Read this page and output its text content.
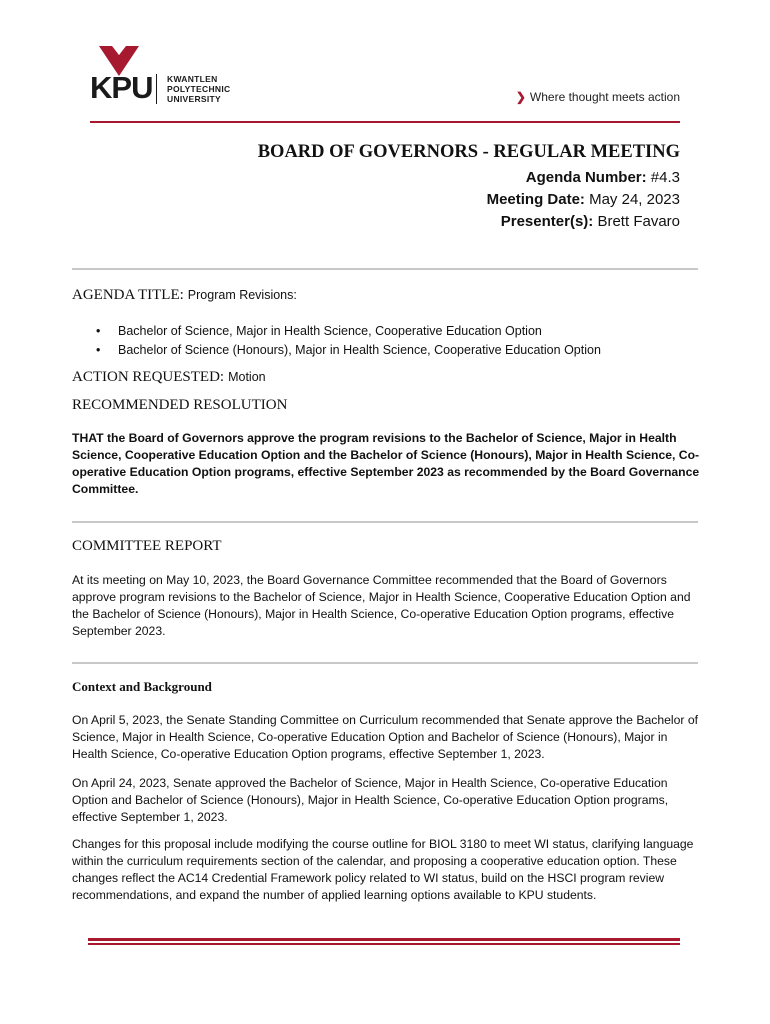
KPU KWANTLEN
POLYTECHNIC
UNIVERSITY	❯ Where thought meets action
BOARD OF GOVERNORS - REGULAR MEETING
Agenda Number: #4.3
Meeting Date: May 24, 2023
Presenter(s): Brett Favaro
AGENDA TITLE: Program Revisions:
• Bachelor of Science, Major in Health Science, Cooperative Education Option
• Bachelor of Science (Honours), Major in Health Science, Cooperative Education Option
ACTION REQUESTED: Motion
RECOMMENDED RESOLUTION

THAT the Board of Governors approve the program revisions to the Bachelor of Science, Major in Health Science, Cooperative Education Option and the Bachelor of Science (Honours), Major in Health Science, Co-operative Education Option programs, effective September 2023 as recommended by the Board Governance Committee.

COMMITTEE REPORT

At its meeting on May 10, 2023, the Board Governance Committee recommended that the Board of Governors approve program revisions to the Bachelor of Science, Major in Health Science, Cooperative Education Option and the Bachelor of Science (Honours), Major in Health Science, Co-operative Education Option programs, effective September 2023.

Context and Background

On April 5, 2023, the Senate Standing Committee on Curriculum recommended that Senate approve the Bachelor of Science, Major in Health Science, Co-operative Education Option and Bachelor of Science (Honours), Major in Health Science, Co-operative Education Option programs, effective September 1, 2023.

On April 24, 2023, Senate approved the Bachelor of Science, Major in Health Science, Co-operative Education Option and Bachelor of Science (Honours), Major in Health Science, Co-operative Education Option programs, effective September 1, 2023.

Changes for this proposal include modifying the course outline for BIOL 3180 to meet WI status, clarifying language within the curriculum requirements section of the calendar, and proposing a cooperative education option. These changes reflect the AC14 Credential Framework policy related to WI status, build on the HSCI program review recommendations, and expand the number of applied learning options available to KPU students.
